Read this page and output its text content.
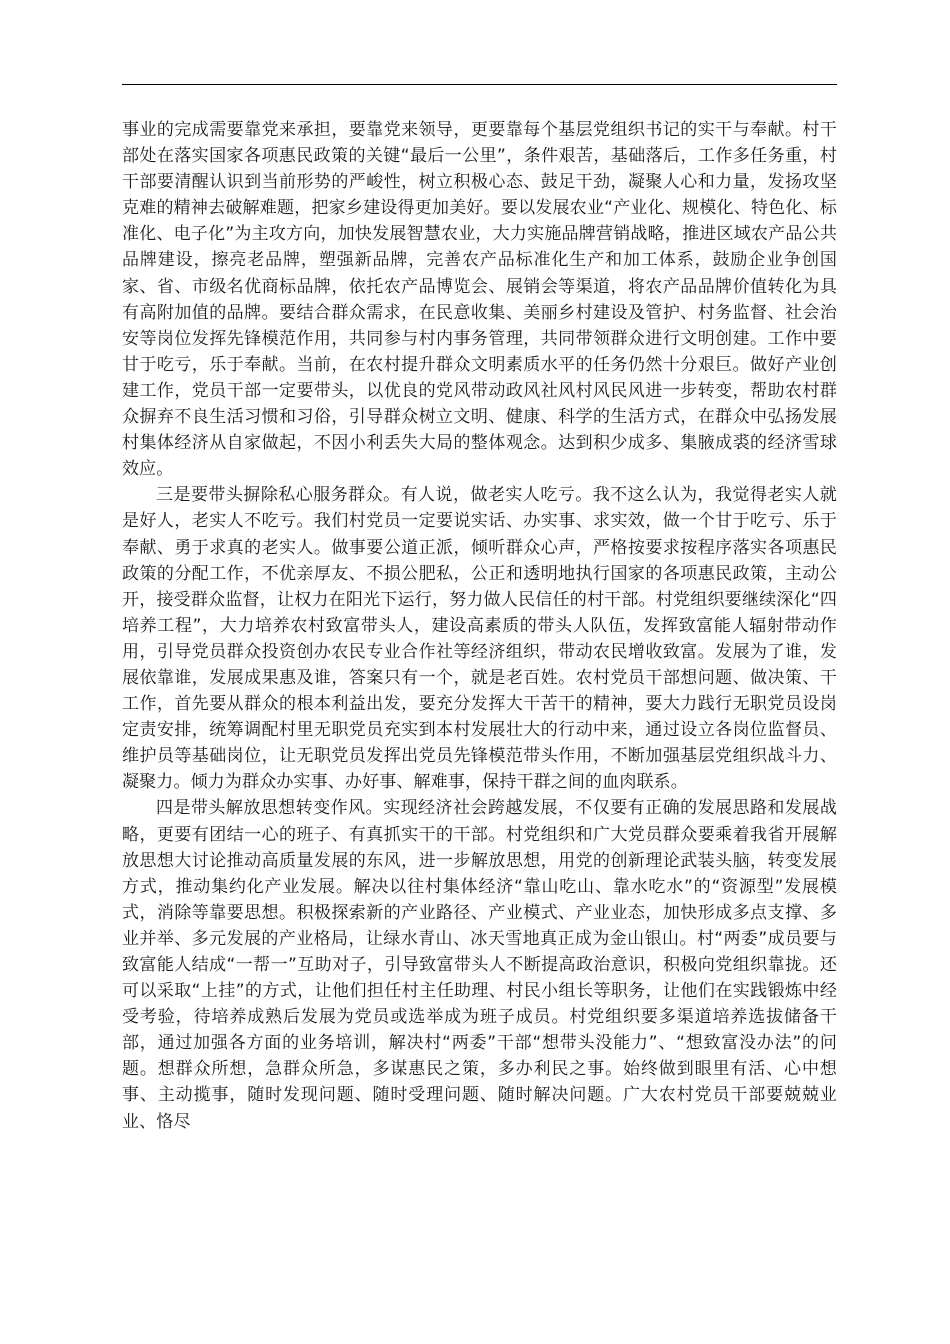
事业的完成需要靠党来承担，要靠党来领导，更要靠每个基层党组织书记的实干与奉献。村干部处在落实国家各项惠民政策的关键“最后一公里”，条件艰苦，基础落后，工作多任务重，村干部要清醒认识到当前形势的严峻性，树立积极心态、鼓足干劲，凝聚人心和力量，发扬攻坚克难的精神去破解难题，把家乡建设得更加美好。要以发展农业“产业化、规模化、特色化、标准化、电子化”为主攻方向，加快发展智慧农业，大力实施品牌营销战略，推进区域农产品公共品牌建设，擦亮老品牌，塑强新品牌，完善农产品标准化生产和加工体系，鼓励企业争创国家、省、市级名优商标品牌，依托农产品博览会、展销会等渠道，将农产品品牌价值转化为具有高附加值的品牌。要结合群众需求，在民意收集、美丽乡村建设及管护、村务监督、社会治安等岗位发挥先锋模范作用，共同参与村内事务管理，共同带领群众进行文明创建。工作中要甘于吃亏，乐于奉献。当前，在农村提升群众文明素质水平的任务仍然十分艰巨。做好产业创建工作，党员干部一定要带头，以优良的党风带动政风社风村风民风进一步转变，帮助农村群众摒弃不良生活习惯和习俗，引导群众树立文明、健康、科学的生活方式，在群众中弘扬发展村集体经济从自家做起，不因小利丢失大局的整体观念。达到积少成多、集腋成裘的经济雪球效应。

三是要带头摒除私心服务群众。有人说，做老实人吃亏。我不这么认为，我觉得老实人就是好人，老实人不吃亏。我们村党员一定要说实话、办实事、求实效，做一个甘于吃亏、乐于奉献、勇于求真的老实人。做事要公道正派，倾听群众心声，严格按要求按程序落实各项惠民政策的分配工作，不优亲厚友、不损公肥私，公正和透明地执行国家的各项惠民政策，主动公开，接受群众监督，让权力在阳光下运行，努力做人民信任的村干部。村党组织要继续深化“四培养工程”，大力培养农村致富带头人，建设高素质的带头人队伍，发挥致富能人辐射带动作用，引导党员群众投资创办农民专业合作社等经济组织，带动农民增收致富。发展为了谁，发展依靠谁，发展成果惠及谁，答案只有一个，就是老百姓。农村党员干部想问题、做决策、干工作，首先要从群众的根本利益出发，要充分发挥大干苦干的精神，要大力践行无职党员设岗定责安排，统筹调配村里无职党员充实到本村发展壮大的行动中来，通过设立各岗位监督员、维护员等基础岗位，让无职党员发挥出党员先锋模范带头作用，不断加强基层党组织战斗力、凝聚力。倾力为群众办实事、办好事、解难事，保持干群之间的血肉联系。

四是带头解放思想转变作风。实现经济社会跨越发展，不仅要有正确的发展思路和发展战略，更要有团结一心的班子、有真抓实干的干部。村党组织和广大党员群众要乘着我省开展解放思想大讨论推动高质量发展的东风，进一步解放思想，用党的创新理论武装头脑，转变发展方式，推动集约化产业发展。解决以往村集体经济“靠山吃山、靠水吃水”的“资源型”发展模式，消除等靠要思想。积极探索新的产业路径、产业模式、产业业态，加快形成多点支撑、多业并举、多元发展的产业格局，让绿水青山、冰天雪地真正成为金山银山。村“两委”成员要与致富能人结成“一帮一”互助对子，引导致富带头人不断提高政治意识，积极向党组织靠拢。还可以采取“上挂”的方式，让他们担任村主任助理、村民小组长等职务，让他们在实践锻炼中经受考验，待培养成熟后发展为党员或选举成为班子成员。村党组织要多渠道培养选拔储备干部，通过加强各方面的业务培训，解决村“两委”干部“想带头没能力”、“想致富没办法”的问题。想群众所想，急群众所急，多谋惠民之策，多办利民之事。始终做到眼里有活、心中想事、主动揽事，随时发现问题、随时受理问题、随时解决问题。广大农村党员干部要兢兢业业、恪尽
